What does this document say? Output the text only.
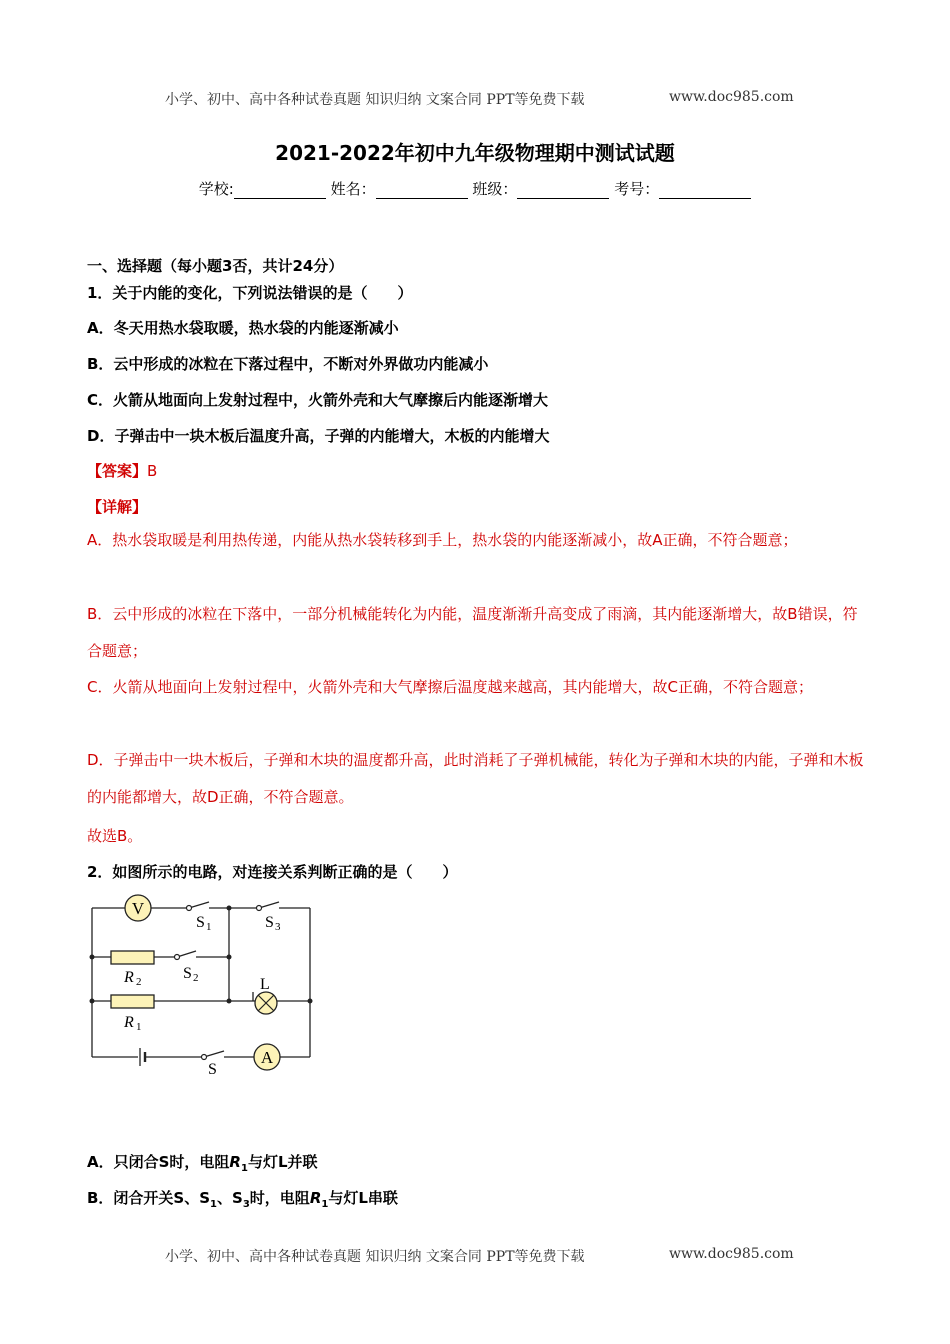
小学、初中、高中各种试卷真题 知识归纳 文案合同 PPT等免费下载	www.doc985.com
2021-2022年初中九年级物理期中测试试题
学校:	姓名：	班级：	考号：
一、选择题（每小题3否，共计24分）
1．关于内能的变化，下列说法错误的是（　　）
A．冬天用热水袋取暖，热水袋的内能逐渐减小
B．云中形成的冰粒在下落过程中，不断对外界做功内能减小
C．火箭从地面向上发射过程中，火箭外壳和大气摩擦后内能逐渐增大
D．子弹击中一块木板后温度升高，子弹的内能增大，木板的内能增大
【答案】B
【详解】
A．热水袋取暖是利用热传递，内能从热水袋转移到手上，热水袋的内能逐渐减小，故A正确，不符合题意；
B．云中形成的冰粒在下落中，一部分机械能转化为内能，温度渐渐升高变成了雨滴，其内能逐渐增大，故B错误，符合题意；
C．火箭从地面向上发射过程中，火箭外壳和大气摩擦后温度越来越高，其内能增大，故C正确，不符合题意；
D．子弹击中一块木板后，子弹和木块的温度都升高，此时消耗了子弹机械能，转化为子弹和木块的内能，子弹和木板的内能都增大，故D正确，不符合题意。
故选B。
2．如图所示的电路，对连接关系判断正确的是（　　）
V
A
L
R 2
R 1
S 1	S 3
S 2
S
A．只闭合S时，电阻$R_1$与灯L并联
B．闭合开关S、$S_1$、$S_3$时，电阻$R_1$与灯L串联
小学、初中、高中各种试卷真题 知识归纳 文案合同 PPT等免费下载	www.doc985.com
